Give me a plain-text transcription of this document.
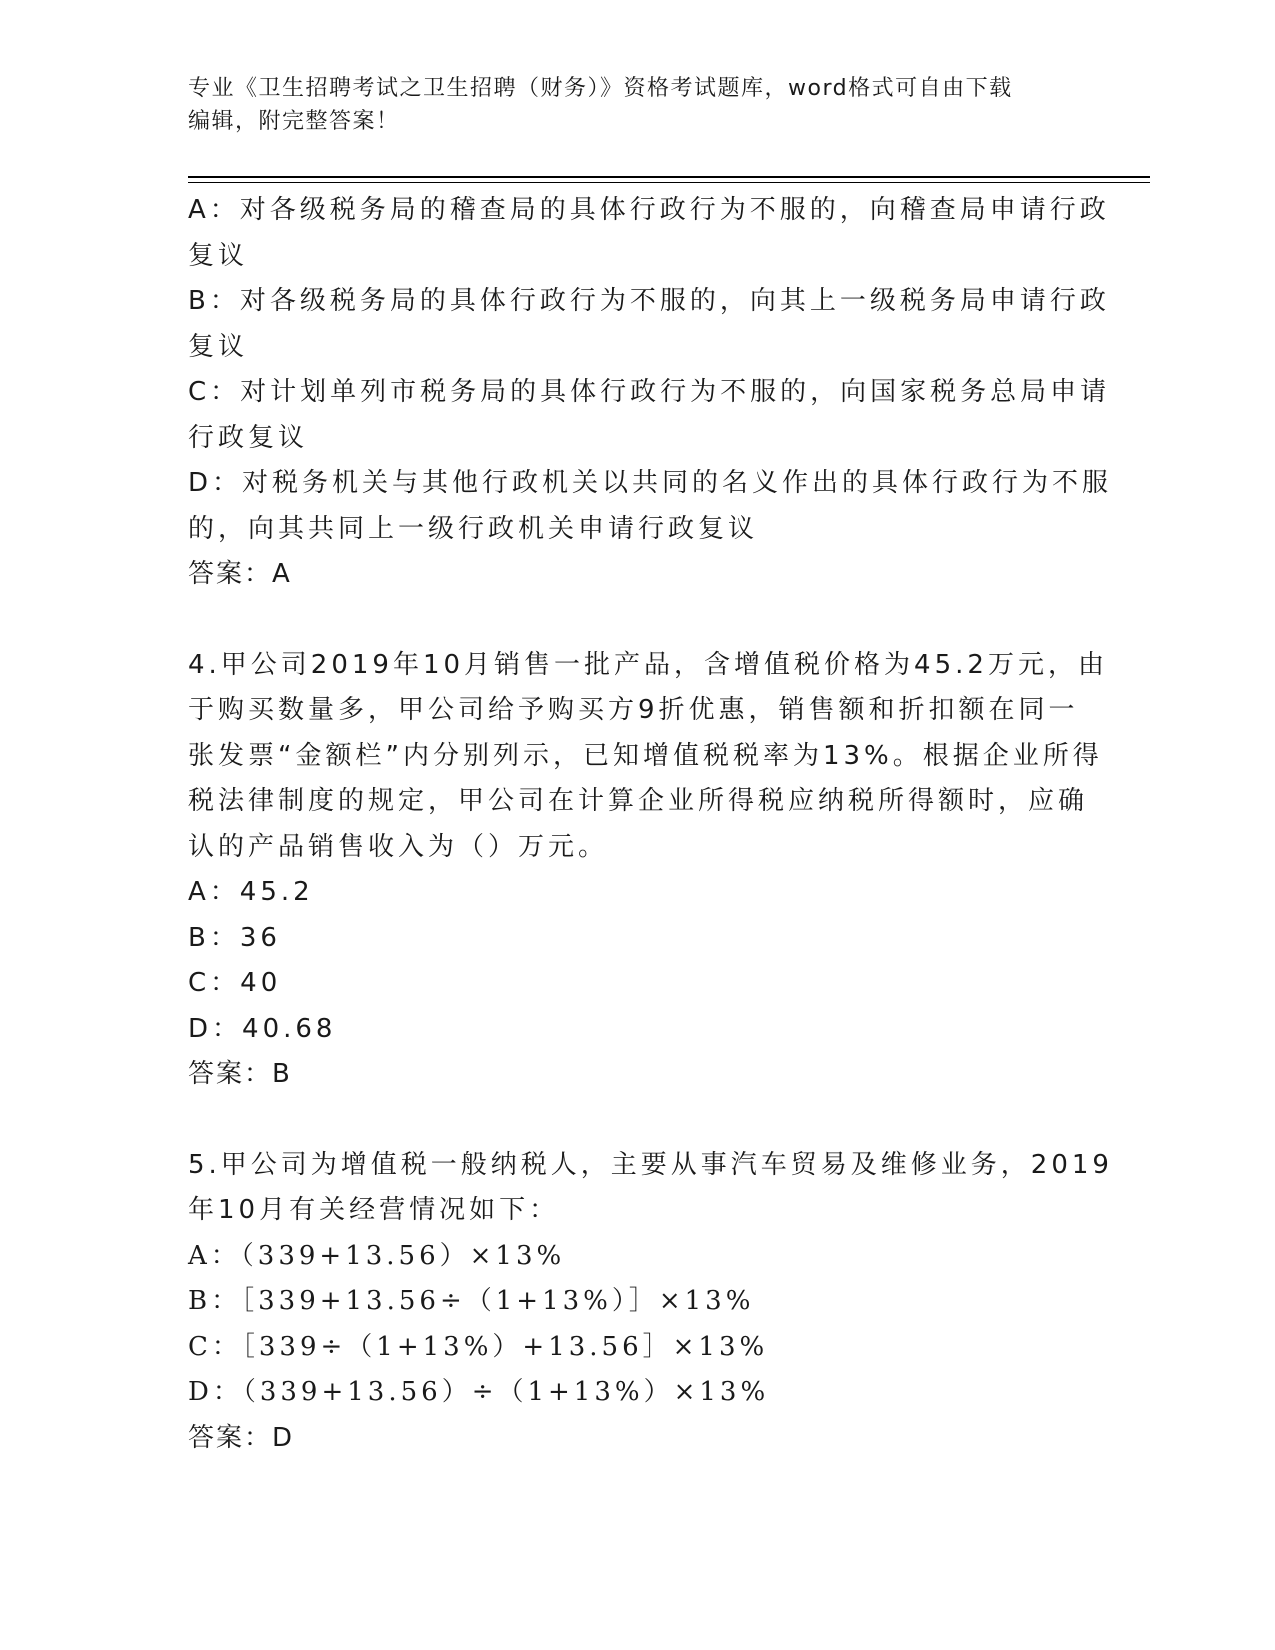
专业《卫生招聘考试之卫生招聘（财务）》资格考试题库，word格式可自由下载
编辑，附完整答案！
A：对各级税务局的稽查局的具体行政行为不服的，向稽查局申请行政
复议
B：对各级税务局的具体行政行为不服的，向其上一级税务局申请行政
复议
C：对计划单列市税务局的具体行政行为不服的，向国家税务总局申请
行政复议
D：对税务机关与其他行政机关以共同的名义作出的具体行政行为不服
的，向其共同上一级行政机关申请行政复议
答案：A
4.甲公司2019年10月销售一批产品，含增值税价格为45.2万元，由
于购买数量多，甲公司给予购买方9折优惠，销售额和折扣额在同一
张发票“金额栏”内分别列示，已知增值税税率为13%。根据企业所得
税法律制度的规定，甲公司在计算企业所得税应纳税所得额时，应确
认的产品销售收入为（）万元。
A：45.2
B：36
C：40
D：40.68
答案：B
5.甲公司为增值税一般纳税人，主要从事汽车贸易及维修业务，2019
年10月有关经营情况如下：
A：（339+13.56）×13%
B：［339+13.56÷（1+13%）］×13%
C：［339÷（1+13%）+13.56］×13%
D：（339+13.56）÷（1+13%）×13%
答案：D
